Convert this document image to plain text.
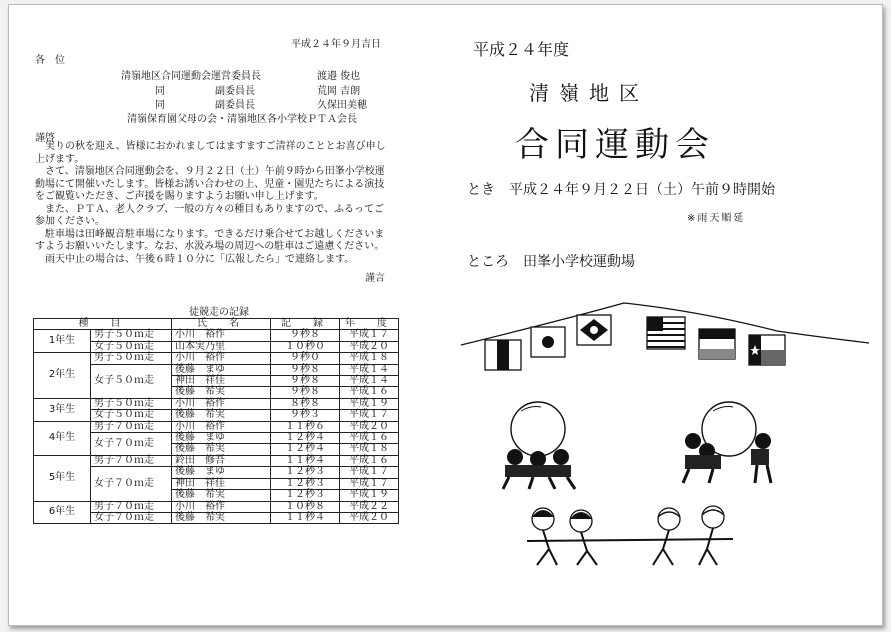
平成２４年９月吉日
各　位
清嶺地区合同運動会運営委員長	渡邉 俊也
同　　　　　副委員長	荒岡 吉朗
同　　　　　副委員長	久保田美穂
清嶺保育園父母の会・清嶺地区各小学校ＰＴＡ会長
謹啓
実りの秋を迎え、皆様におかれましてはますますご清祥のこととお喜び申し上げます。
さて、清嶺地区合同運動会を、９月２２日（土）午前９時から田峯小学校運動場にて開催いたします。皆様お誘い合わせの上、児童・園児たちによる演技をご観覧いただき、ご声援を賜りますようお願い申し上げます。
また、ＰＴＡ、老人クラブ、一般の方々の種目もありますので、ふるってご参加ください。
駐車場は田峰観音駐車場になります。できるだけ乗合せてお越しくださいますようお願いいたします。なお、水汲み場の周辺への駐車はご遠慮ください。
雨天中止の場合は、午後６時１０分に「広報したら」で連絡します。
謹言
徒競走の記録
種　目		氏　名	記　録	年　度
1年生	男子５０ｍ走	小川　裕作	９秒８	平成１７
	女子５０ｍ走	山本実乃里	１０秒０	平成２０
2年生	男子５０ｍ走	小川　裕作	９秒０	平成１８
	女子５０ｍ走	後藤　まゆ	９秒８	平成１４
		神田　祥佳	９秒８	平成１４
		後藤　希実	９秒８	平成１６
3年生	男子５０ｍ走	小川　裕作	８秒８	平成１９
	女子５０ｍ走	後藤　希実	９秒３	平成１７
4年生	男子７０ｍ走	小川　裕作	１１秒６	平成２０
	女子７０ｍ走	後藤　まゆ	１２秒４	平成１６
		後藤　希実	１２秒４	平成１８
5年生	男子７０ｍ走	鈴田　修吾	１１秒４	平成１６
	女子７０ｍ走	後藤　まゆ	１２秒３	平成１７
		神田　祥佳	１２秒３	平成１７
		後藤　希実	１２秒３	平成１９
6年生	男子７０ｍ走	小川　裕作	１０秒８	平成２２
	女子７０ｍ走	後藤　希実	１１秒４	平成２０
平成２４年度
清嶺地区
合同運動会
とき　平成２４年９月２２日（土）午前９時開始
※雨天順延
ところ　田峯小学校運動場
